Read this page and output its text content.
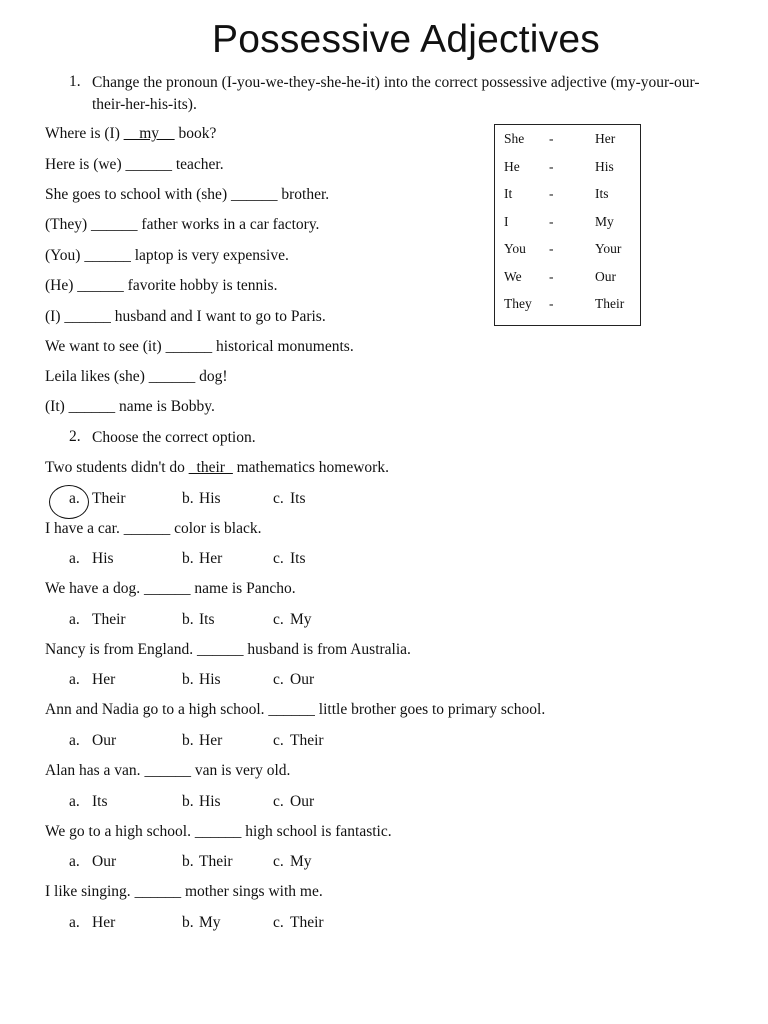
Possessive Adjectives
1. Change the pronoun (I-you-we-they-she-he-it) into the correct possessive adjective (my-your-our-their-her-his-its).
Where is (I) __my__ book?
Here is (we) ______ teacher.
She goes to school with (she) ______ brother.
(They) ______ father works in a car factory.
(You) ______ laptop is very expensive.
(He) ______ favorite hobby is tennis.
(I) ______ husband and I want to go to Paris.
We want to see (it) ______ historical monuments.
Leila likes (she) ______ dog!
(It) ______ name is Bobby.
She -	Her
He -	His
It	-	Its
I	-	My
You -	Your
We -	Our
They -	Their
2. Choose the correct option.
Two students didn't do _their_ mathematics homework.
a. Their	b. His	c. Its
I have a car. ______ color is black.
a. His	b. Her	c. Its
We have a dog. ______ name is Pancho.
a. Their	b. Its	c. My
Nancy is from England. ______ husband is from Australia.
a. Her	b. His	c. Our
Ann and Nadia go to a high school. ______ little brother goes to primary school.
a. Our	b. Her	c. Their
Alan has a van. ______ van is very old.
a. Its	b. His	c. Our
We go to a high school. ______ high school is fantastic.
a. Our	b. Their	c. My
I like singing. ______ mother sings with me.
a. Her	b. My	c. Their
